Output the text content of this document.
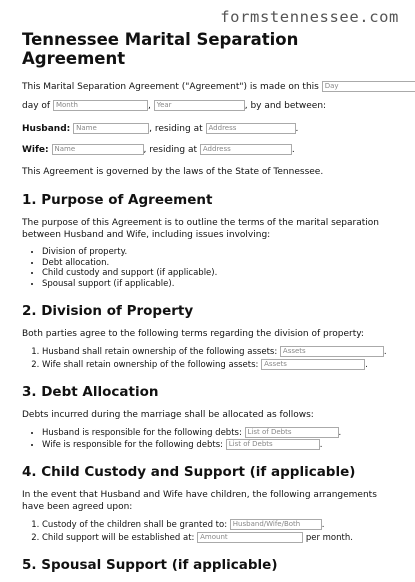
formstennessee.com
Tennessee Marital Separation Agreement
This Marital Separation Agreement ("Agreement") is made on this Day
day of Month	, Year	, by and between:
Husband: Name	, residing at Address	.
Wife: Name	, residing at Address	.

This Agreement is governed by the laws of the State of Tennessee.

1. Purpose of Agreement

The purpose of this Agreement is to outline the terms of the marital separation between Husband and Wife, including issues involving:

• Division of property.
• Debt allocation.
• Child custody and support (if applicable).
• Spousal support (if applicable).
2. Division of Property

Both parties agree to the following terms regarding the division of property:

1. Husband shall retain ownership of the following assets: Assets	.
2. Wife shall retain ownership of the following assets: Assets	.
3. Debt Allocation

Debts incurred during the marriage shall be allocated as follows:

• Husband is responsible for the following debts: List of Debts	.
• Wife is responsible for the following debts: List of Debts	.
4. Child Custody and Support (if applicable)

In the event that Husband and Wife have children, the following arrangements have been agreed upon:

1. Custody of the children shall be granted to: Husband/Wife/Both	.
2. Child support will be established at: Amount	per month.
5. Spousal Support (if applicable)
